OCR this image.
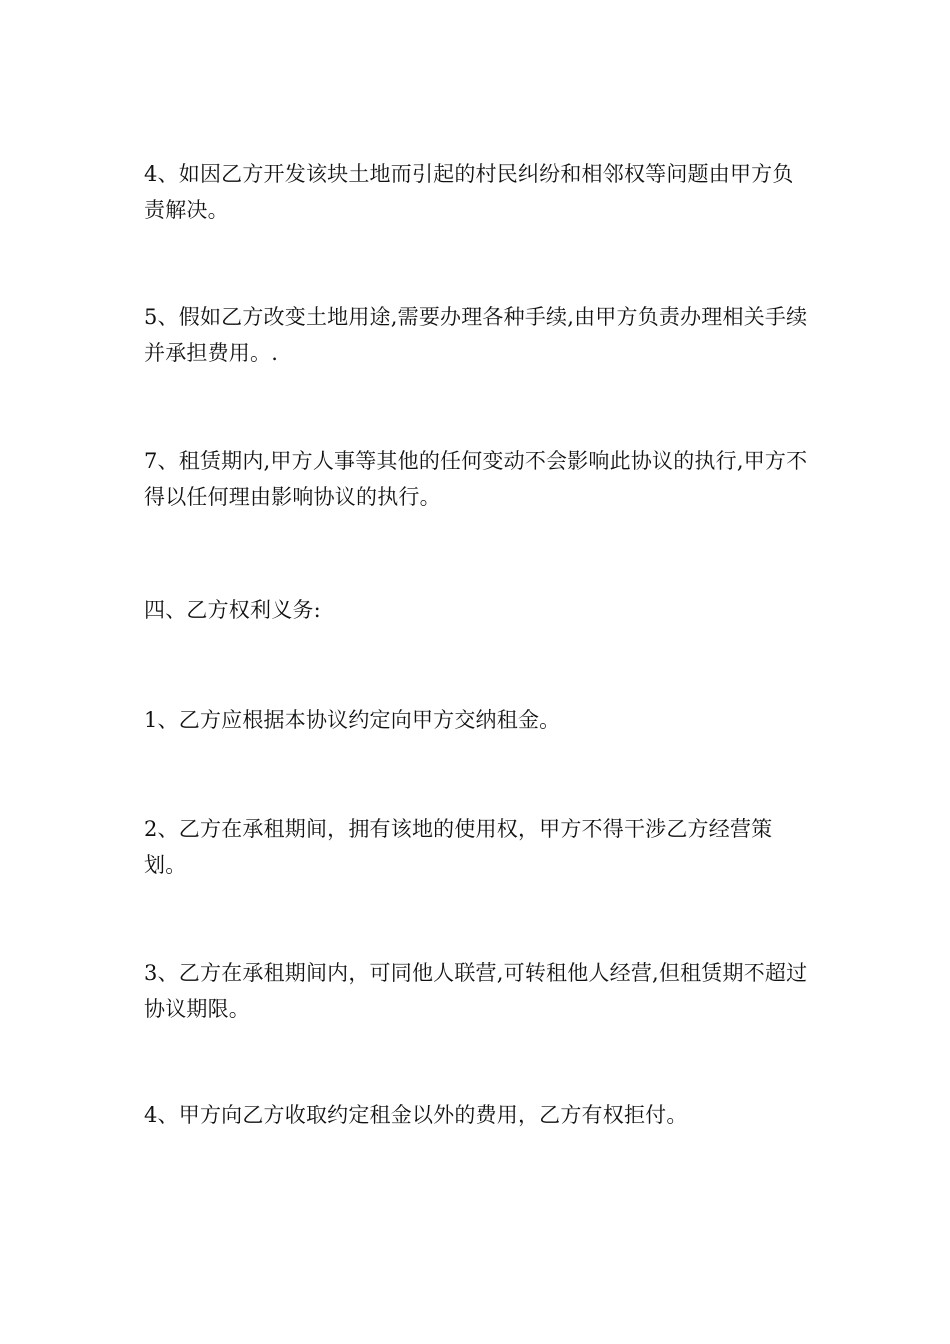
4、如因乙方开发该块土地而引起的村民纠纷和相邻权等问题由甲方负责解决。

5、假如乙方改变土地用途,需要办理各种手续,由甲方负责办理相关手续并承担费用。.

7、租赁期内,甲方人事等其他的任何变动不会影响此协议的执行,甲方不得以任何理由影响协议的执行。

四、乙方权利义务:

1、乙方应根据本协议约定向甲方交纳租金。

2、乙方在承租期间，拥有该地的使用权，甲方不得干涉乙方经营策划。

3、乙方在承租期间内，可同他人联营,可转租他人经营,但租赁期不超过协议期限。

4、甲方向乙方收取约定租金以外的费用，乙方有权拒付。
